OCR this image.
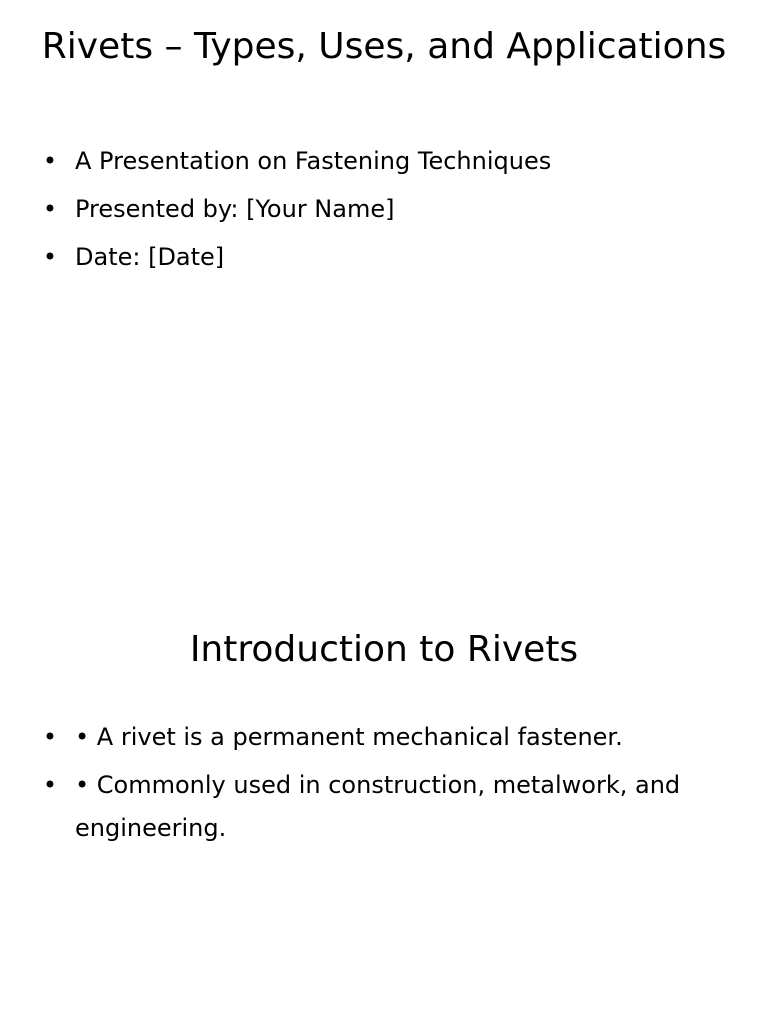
Rivets – Types, Uses, and Applications
• A Presentation on Fastening Techniques
• Presented by: [Your Name]
• Date: [Date]
Introduction to Rivets
• • A rivet is a permanent mechanical fastener.
• • Commonly used in construction, metalwork, and engineering.
